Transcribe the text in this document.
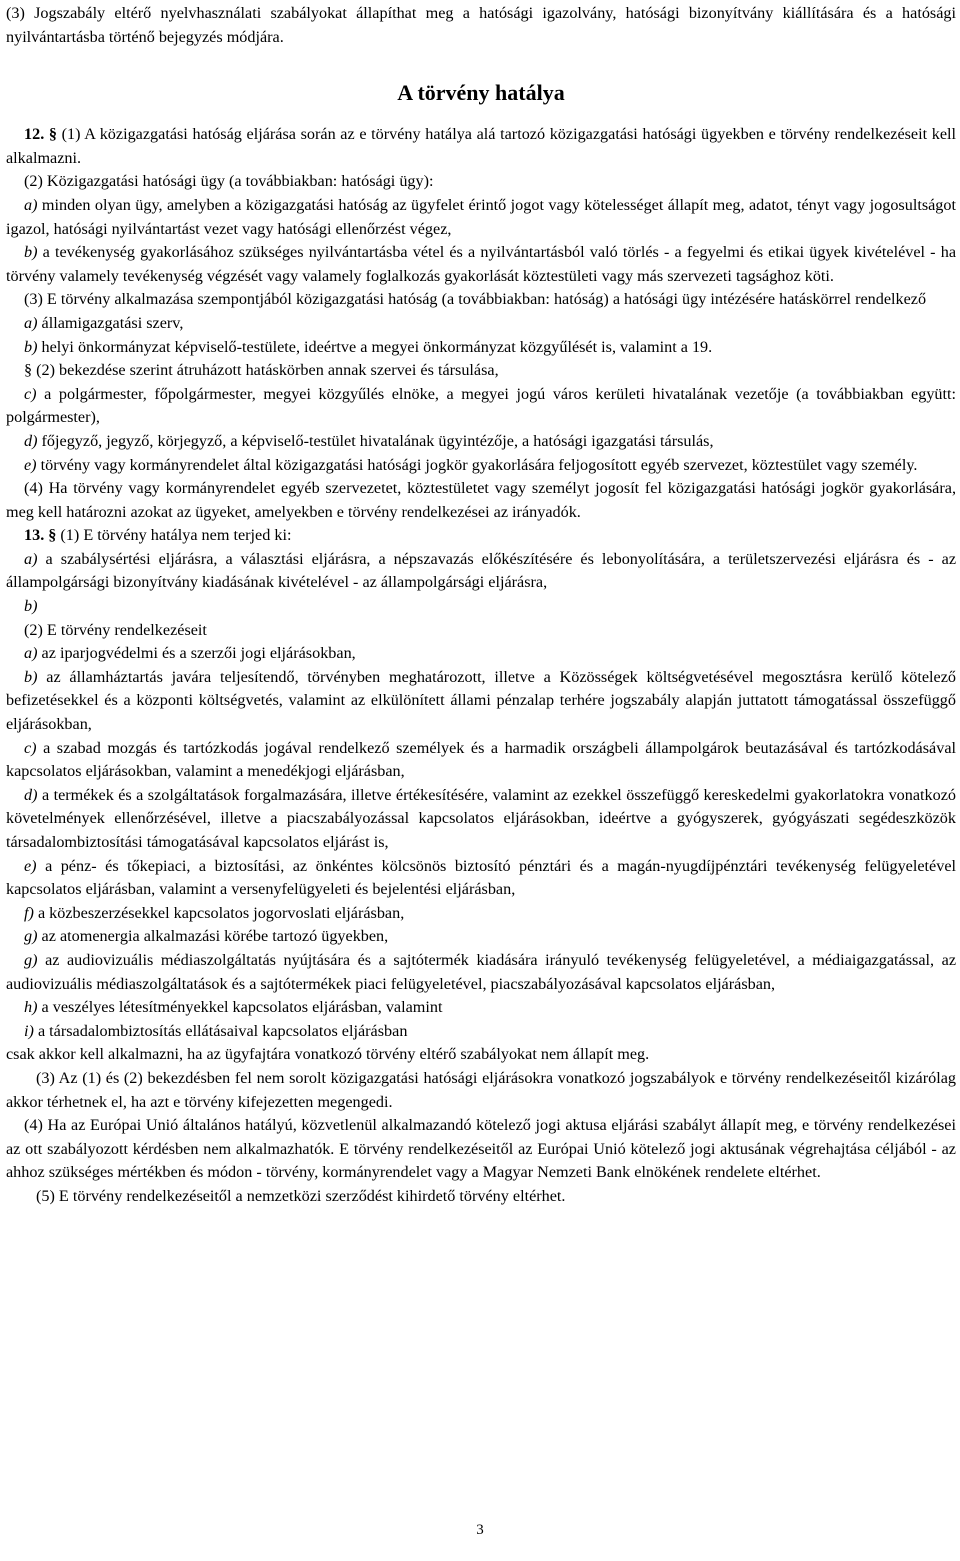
(3) Jogszabály eltérő nyelvhasználati szabályokat állapíthat meg a hatósági igazolvány, hatósági bizonyítvány kiállítására és a hatósági nyilvántartásba történő bejegyzés módjára.

A törvény hatálya

12. § (1) A közigazgatási hatóság eljárása során az e törvény hatálya alá tartozó közigazgatási hatósági ügyekben e törvény rendelkezéseit kell alkalmazni.

(2) Közigazgatási hatósági ügy (a továbbiakban: hatósági ügy):

a) minden olyan ügy, amelyben a közigazgatási hatóság az ügyfelet érintő jogot vagy kötelességet állapít meg, adatot, tényt vagy jogosultságot igazol, hatósági nyilvántartást vezet vagy hatósági ellenőrzést végez,

b) a tevékenység gyakorlásához szükséges nyilvántartásba vétel és a nyilvántartásból való törlés - a fegyelmi és etikai ügyek kivételével - ha törvény valamely tevékenység végzését vagy valamely foglalkozás gyakorlását köztestületi vagy más szervezeti tagsághoz köti.

(3) E törvény alkalmazása szempontjából közigazgatási hatóság (a továbbiakban: hatóság) a hatósági ügy intézésére hatáskörrel rendelkező

a) államigazgatási szerv,

b) helyi önkormányzat képviselő-testülete, ideértve a megyei önkormányzat közgyűlését is, valamint a 19.

§ (2) bekezdése szerint átruházott hatáskörben annak szervei és társulása,

c) a polgármester, főpolgármester, megyei közgyűlés elnöke, a megyei jogú város kerületi hivatalának vezetője (a továbbiakban együtt: polgármester),

d) főjegyző, jegyző, körjegyző, a képviselő-testület hivatalának ügyintézője, a hatósági igazgatási társulás,

e) törvény vagy kormányrendelet által közigazgatási hatósági jogkör gyakorlására feljogosított egyéb szervezet, köztestület vagy személy.

(4) Ha törvény vagy kormányrendelet egyéb szervezetet, köztestületet vagy személyt jogosít fel közigazgatási hatósági jogkör gyakorlására, meg kell határozni azokat az ügyeket, amelyekben e törvény rendelkezései az irányadók.

13. § (1) E törvény hatálya nem terjed ki:

a) a szabálysértési eljárásra, a választási eljárásra, a népszavazás előkészítésére és lebonyolítására, a területszervezési eljárásra és - az állampolgársági bizonyítvány kiadásának kivételével - az állampolgársági eljárásra,

b)

(2) E törvény rendelkezéseit

a) az iparjogvédelmi és a szerzői jogi eljárásokban,

b) az államháztartás javára teljesítendő, törvényben meghatározott, illetve a Közösségek költségvetésével megosztásra kerülő kötelező befizetésekkel és a központi költségvetés, valamint az elkülönített állami pénzalap terhére jogszabály alapján juttatott támogatással összefüggő eljárásokban,

c) a szabad mozgás és tartózkodás jogával rendelkező személyek és a harmadik országbeli állampolgárok beutazásával és tartózkodásával kapcsolatos eljárásokban, valamint a menedékjogi eljárásban,

d) a termékek és a szolgáltatások forgalmazására, illetve értékesítésére, valamint az ezekkel összefüggő kereskedelmi gyakorlatokra vonatkozó követelmények ellenőrzésével, illetve a piacszabályozással kapcsolatos eljárásokban, ideértve a gyógyszerek, gyógyászati segédeszközök társadalombiztosítási támogatásával kapcsolatos eljárást is,

e) a pénz- és tőkepiaci, a biztosítási, az önkéntes kölcsönös biztosító pénztári és a magán-nyugdíjpénztári tevékenység felügyeletével kapcsolatos eljárásban, valamint a versenyfelügyeleti és bejelentési eljárásban,

f) a közbeszerzésekkel kapcsolatos jogorvoslati eljárásban,

g) az atomenergia alkalmazási körébe tartozó ügyekben,

g) az audiovizuális médiaszolgáltatás nyújtására és a sajtótermék kiadására irányuló tevékenység felügyeletével, a médiaigazgatással, az audiovizuális médiaszolgáltatások és a sajtótermékek piaci felügyeletével, piacszabályozásával kapcsolatos eljárásban,

h) a veszélyes létesítményekkel kapcsolatos eljárásban, valamint

i) a társadalombiztosítás ellátásaival kapcsolatos eljárásban

csak akkor kell alkalmazni, ha az ügyfajtára vonatkozó törvény eltérő szabályokat nem állapít meg.

(3) Az (1) és (2) bekezdésben fel nem sorolt közigazgatási hatósági eljárásokra vonatkozó jogszabályok e törvény rendelkezéseitől kizárólag akkor térhetnek el, ha azt e törvény kifejezetten megengedi.

(4) Ha az Európai Unió általános hatályú, közvetlenül alkalmazandó kötelező jogi aktusa eljárási szabályt állapít meg, e törvény rendelkezései az ott szabályozott kérdésben nem alkalmazhatók. E törvény rendelkezéseitől az Európai Unió kötelező jogi aktusának végrehajtása céljából - az ahhoz szükséges mértékben és módon - törvény, kormányrendelet vagy a Magyar Nemzeti Bank elnökének rendelete eltérhet.

(5) E törvény rendelkezéseitől a nemzetközi szerződést kihirdető törvény eltérhet.

3
